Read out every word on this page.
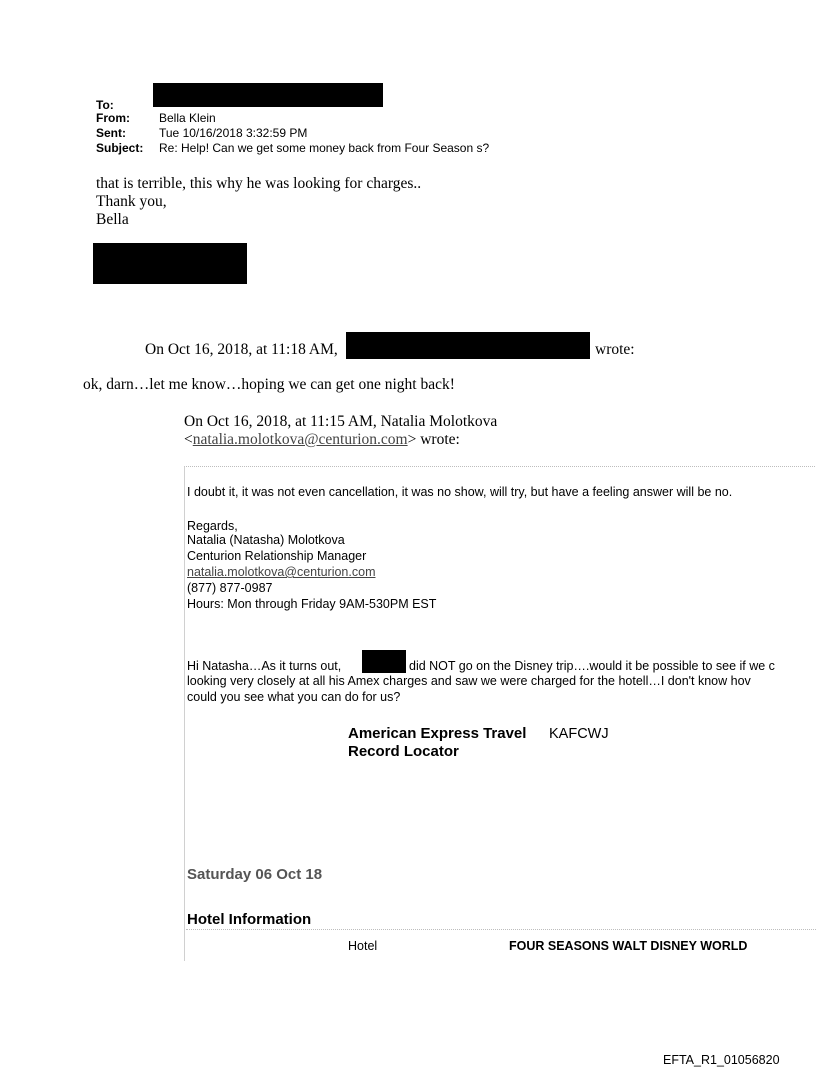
To:
From: Bella Klein
Sent:	Tue 10/16/2018 3:32:59 PM
Subject: Re: Help! Can we get some money back from Four Season s?
that is terrible, this why he was looking for charges..
Thank you,
Bella
On Oct 16, 2018, at 11:18 AM,	wrote:
ok, darn…let me know…hoping we can get one night back!
On Oct 16, 2018, at 11:15 AM, Natalia Molotkova
<natalia.molotkova@centurion.com> wrote:
I doubt it, it was not even cancellation, it was no show, will try, but have a feeling answer will be no.
Regards,
Natalia (Natasha) Molotkova
Centurion Relationship Manager
natalia.molotkova@centurion.com
(877) 877-0987
Hours: Mon through Friday 9AM-530PM EST
Hi Natasha…As it turns out,	did NOT go on the Disney trip….would it be possible to see if we c
looking very closely at all his Amex charges and saw we were charged for the hotell…I don't know hov
could you see what you can do for us?
American Express Travel KAFCWJ
Record Locator
Saturday 06 Oct 18
Hotel Information
Hotel	FOUR SEASONS WALT DISNEY WORLD
EFTA_R1_01056820
